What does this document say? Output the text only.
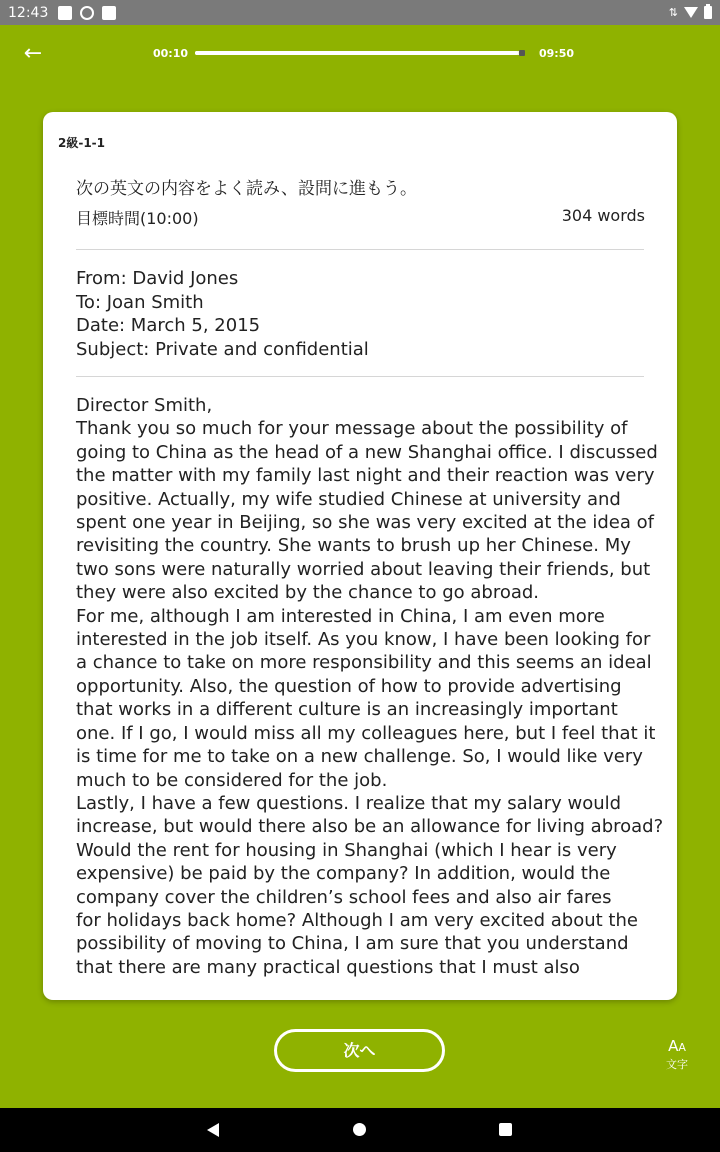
12:43	⇅
←	00:10	09:50
2級-1-1
次の英文の内容をよく読み、設問に進もう。
目標時間(10:00)	304 words
From: David Jones
To: Joan Smith
Date: March 5, 2015
Subject: Private and confidential
Director Smith,
Thank you so much for your message about the possibility of
going to China as the head of a new Shanghai office. I discussed
the matter with my family last night and their reaction was very
positive. Actually, my wife studied Chinese at university and
spent one year in Beijing, so she was very excited at the idea of
revisiting the country. She wants to brush up her Chinese. My
two sons were naturally worried about leaving their friends, but
they were also excited by the chance to go abroad.
For me, although I am interested in China, I am even more
interested in the job itself. As you know, I have been looking for
a chance to take on more responsibility and this seems an ideal
opportunity. Also, the question of how to provide advertising
that works in a different culture is an increasingly important
one. If I go, I would miss all my colleagues here, but I feel that it
is time for me to take on a new challenge. So, I would like very
much to be considered for the job.
Lastly, I have a few questions. I realize that my salary would
increase, but would there also be an allowance for living abroad?
Would the rent for housing in Shanghai (which I hear is very
expensive) be paid by the company? In addition, would the
company cover the children’s school fees and also air fares
for holidays back home? Although I am very excited about the
possibility of moving to China, I am sure that you understand
that there are many practical questions that I must also
次へ	AA
文字
